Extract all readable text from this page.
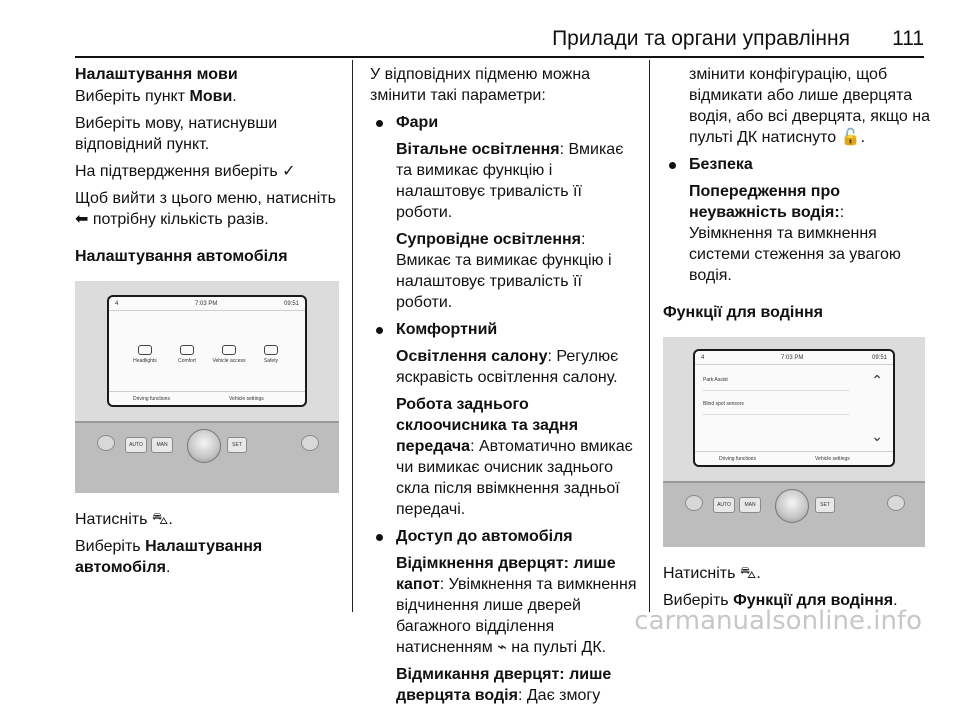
Прилади та органи управління 111
Налаштування мови

Виберіть пункт Мови.

Виберіть мову, натиснувши відповідний пункт.

На підтвердження виберіть ✓

Щоб вийти з цього меню, натисніть ⬅ потрібну кількість разів.

Налаштування автомобіля
4	7:03 PM	09:51
Headlights	Comfort	Vehicle access	Safety
Driving functions	Vehicle settings
AUTO	MAN	SET

Натисніть ⛍.

Виберіть Налаштування автомобіля.

У відповідних підменю можна змінити такі параметри:

Фари

Вітальне освітлення: Вмикає та вимикає функцію і налаштовує тривалість її роботи.

Супровідне освітлення: Вмикає та вимикає функцію і налаштовує тривалість її роботи.

Комфортний

Освітлення салону: Регулює яскравість освітлення салону.

Робота заднього склоочисника та задня передача: Автоматично вмикає чи вимикає очисник заднього скла після ввімкнення задньої передачі.

Доступ до автомобіля

Відімкнення дверцят: лише капот: Увімкнення та вимкнення відчинення лише дверей багажного відділення натисненням ⌁ на пульті ДК.

Відмикання дверцят: лише дверцята водія: Дає змогу

змінити конфігурацію, щоб відмикати або лише дверцята водія, або всі дверцята, якщо на пульті ДК натиснуто 🔓.

Безпека

Попередження про неуважність водія:: Увімкнення та вимкнення системи стеження за увагою водія.

Функції для водіння
4	7:03 PM	09:51
Park Assist
Blind spot sensors
⌃
⌄
Driving functions	Vehicle settings
AUTO	MAN	SET

Натисніть ⛍.

Виберіть Функції для водіння.

carmanualsonline.info
